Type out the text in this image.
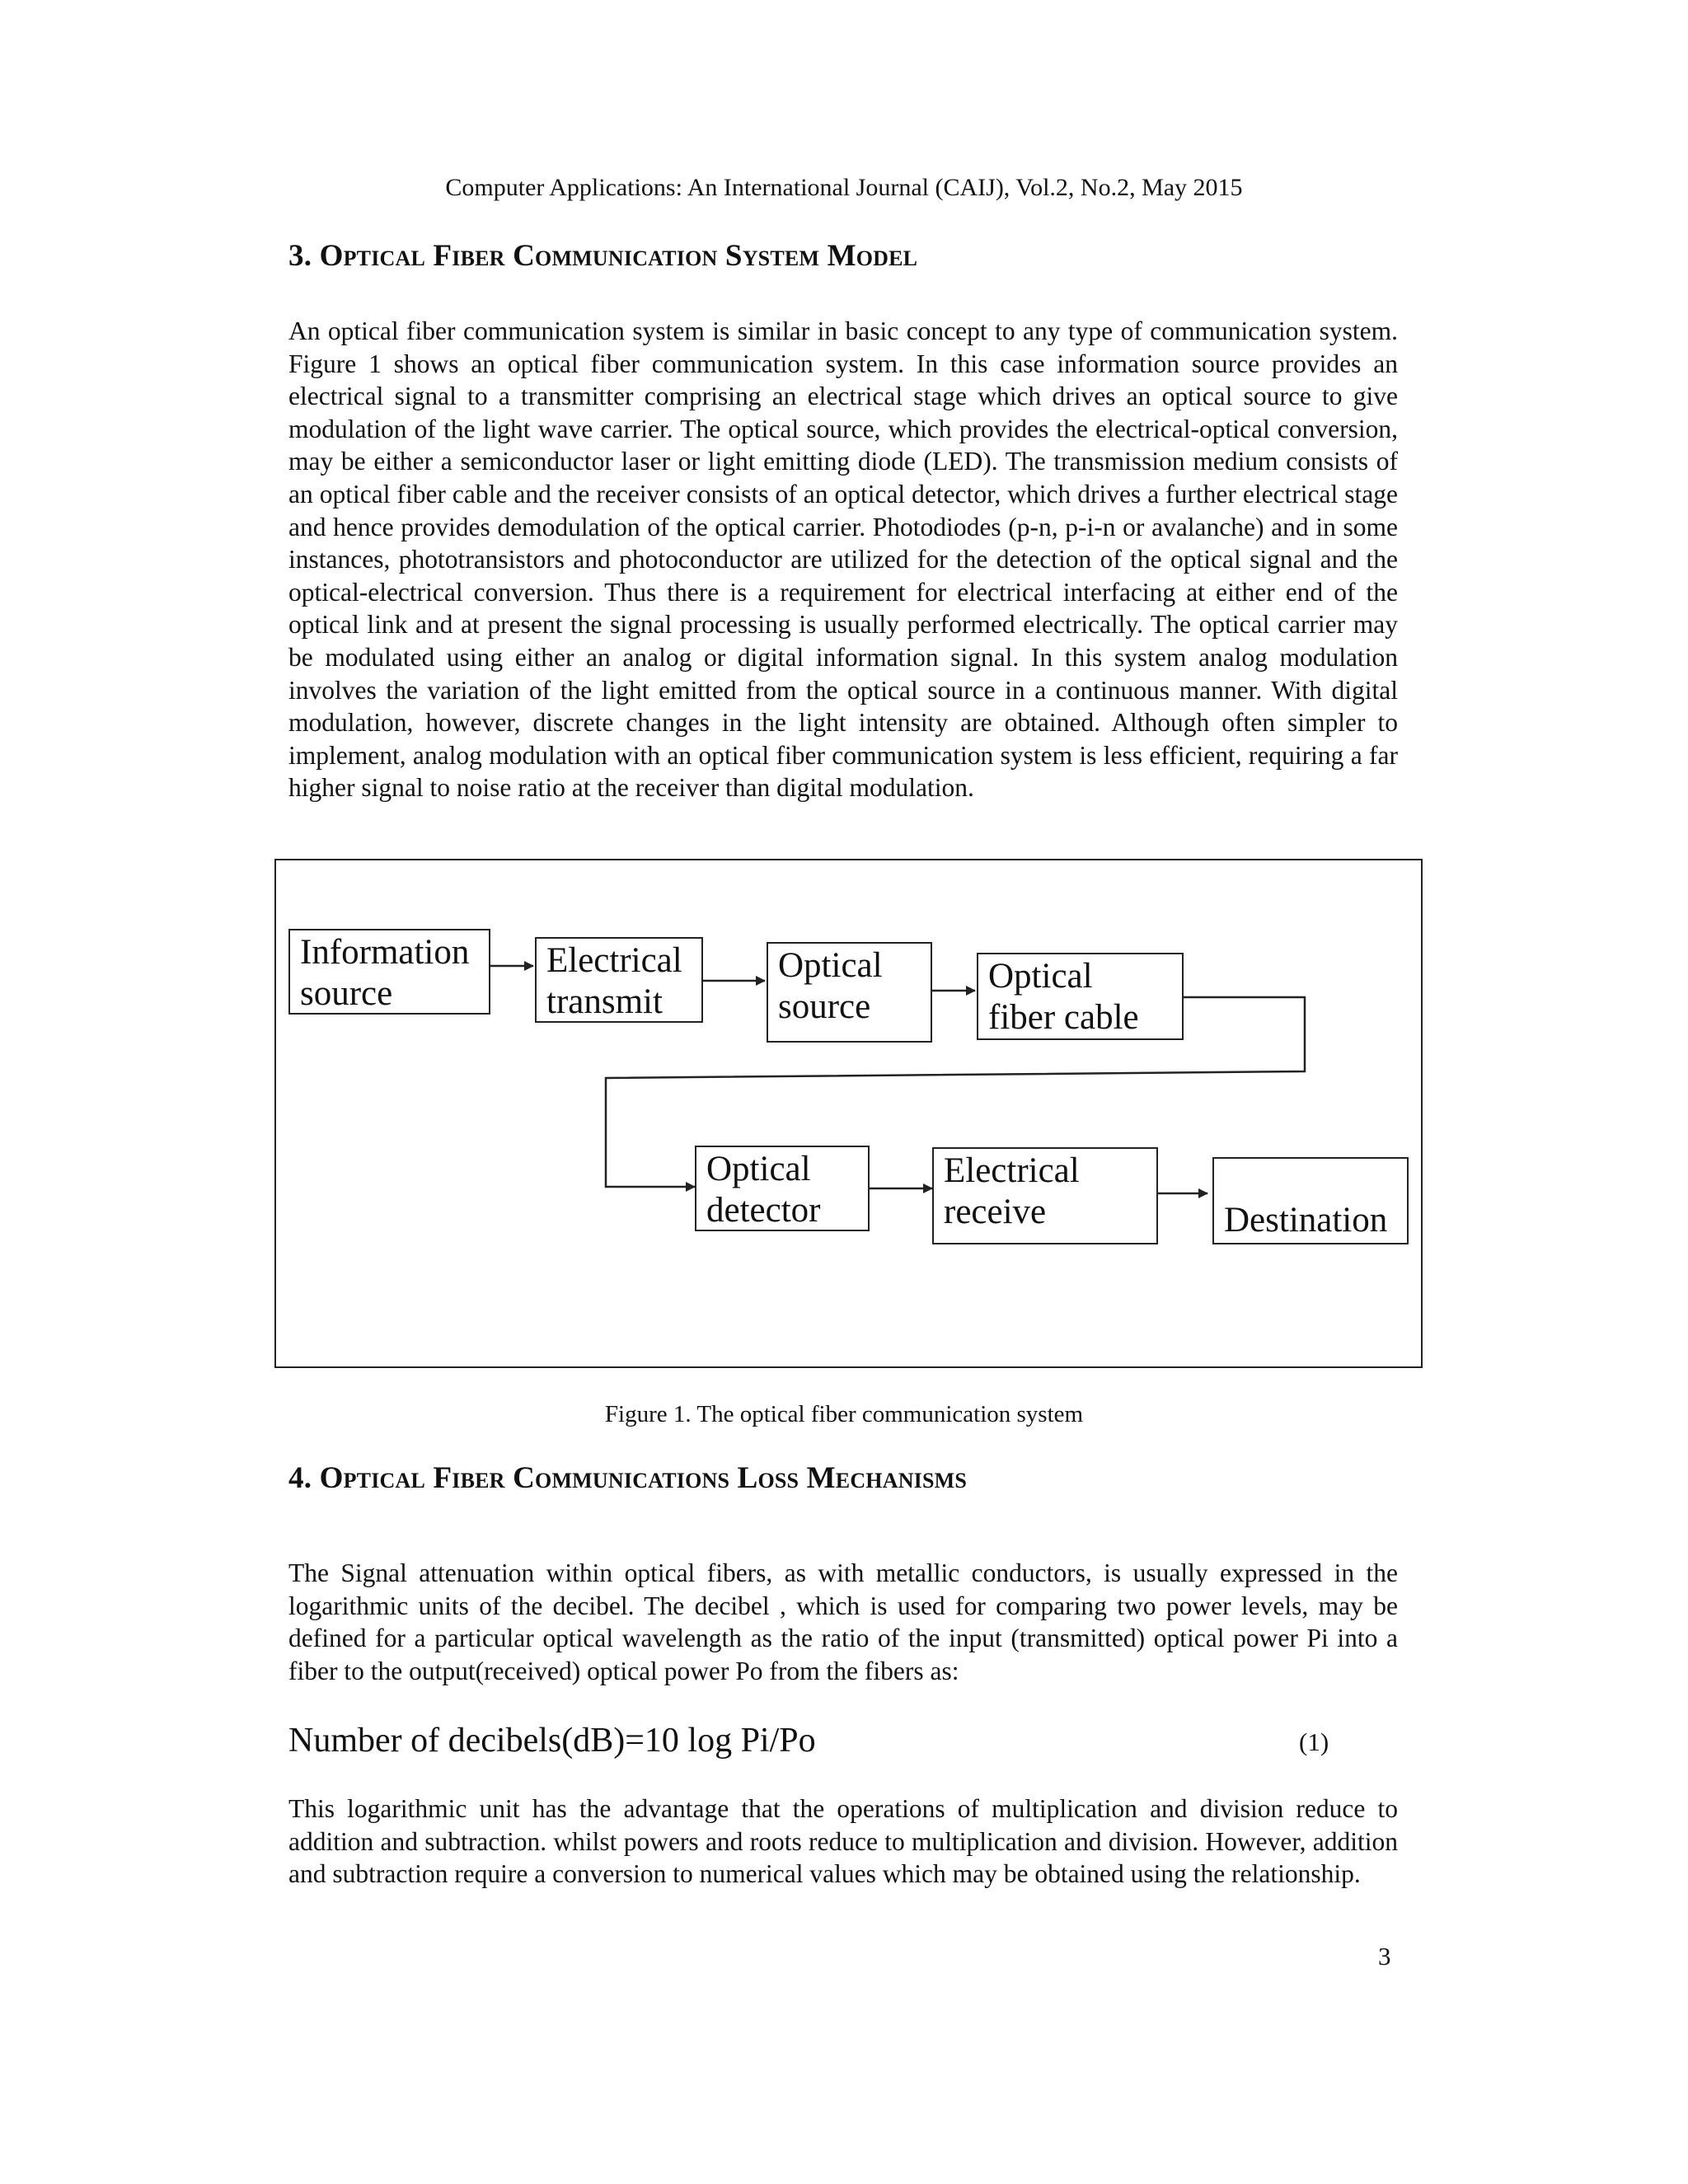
Computer Applications: An International Journal (CAIJ), Vol.2, No.2, May 2015
3. Optical Fiber Communication System Model

An optical fiber communication system is similar in basic concept to any type of communication system. Figure 1 shows an optical fiber communication system. In this case information source provides an electrical signal to a transmitter comprising an electrical stage which drives an optical source to give modulation of the light wave carrier. The optical source, which provides the electrical-optical conversion, may be either a semiconductor laser or light emitting diode (LED). The transmission medium consists of an optical fiber cable and the receiver consists of an optical detector, which drives a further electrical stage and hence provides demodulation of the optical carrier. Photodiodes (p-n, p-i-n or avalanche) and in some instances, phototransistors and photoconductor are utilized for the detection of the optical signal and the optical-electrical conversion. Thus there is a requirement for electrical interfacing at either end of the optical link and at present the signal processing is usually performed electrically. The optical carrier may be modulated using either an analog or digital information signal. In this system analog modulation involves the variation of the light emitted from the optical source in a continuous manner. With digital modulation, however, discrete changes in the light intensity are obtained. Although often simpler to implement, analog modulation with an optical fiber communication system is less efficient, requiring a far higher signal to noise ratio at the receiver than digital modulation.

Information
source
Electrical
transmit
Optical
source
Optical
fiber cable
Optical
detector
Electrical
receive	Destination
Figure 1. The optical fiber communication system
4. Optical Fiber Communications Loss Mechanisms

The Signal attenuation within optical fibers, as with metallic conductors, is usually expressed in the logarithmic units of the decibel. The decibel , which is used for comparing two power levels, may be defined for a particular optical wavelength as the ratio of the input (transmitted) optical power Pi into a fiber to the output(received) optical power Po from the fibers as:

Number of decibels(dB)=10 log Pi/Po	(1)

This logarithmic unit has the advantage that the operations of multiplication and division reduce to addition and subtraction. whilst powers and roots reduce to multiplication and division. However, addition and subtraction require a conversion to numerical values which may be obtained using the relationship.

3
